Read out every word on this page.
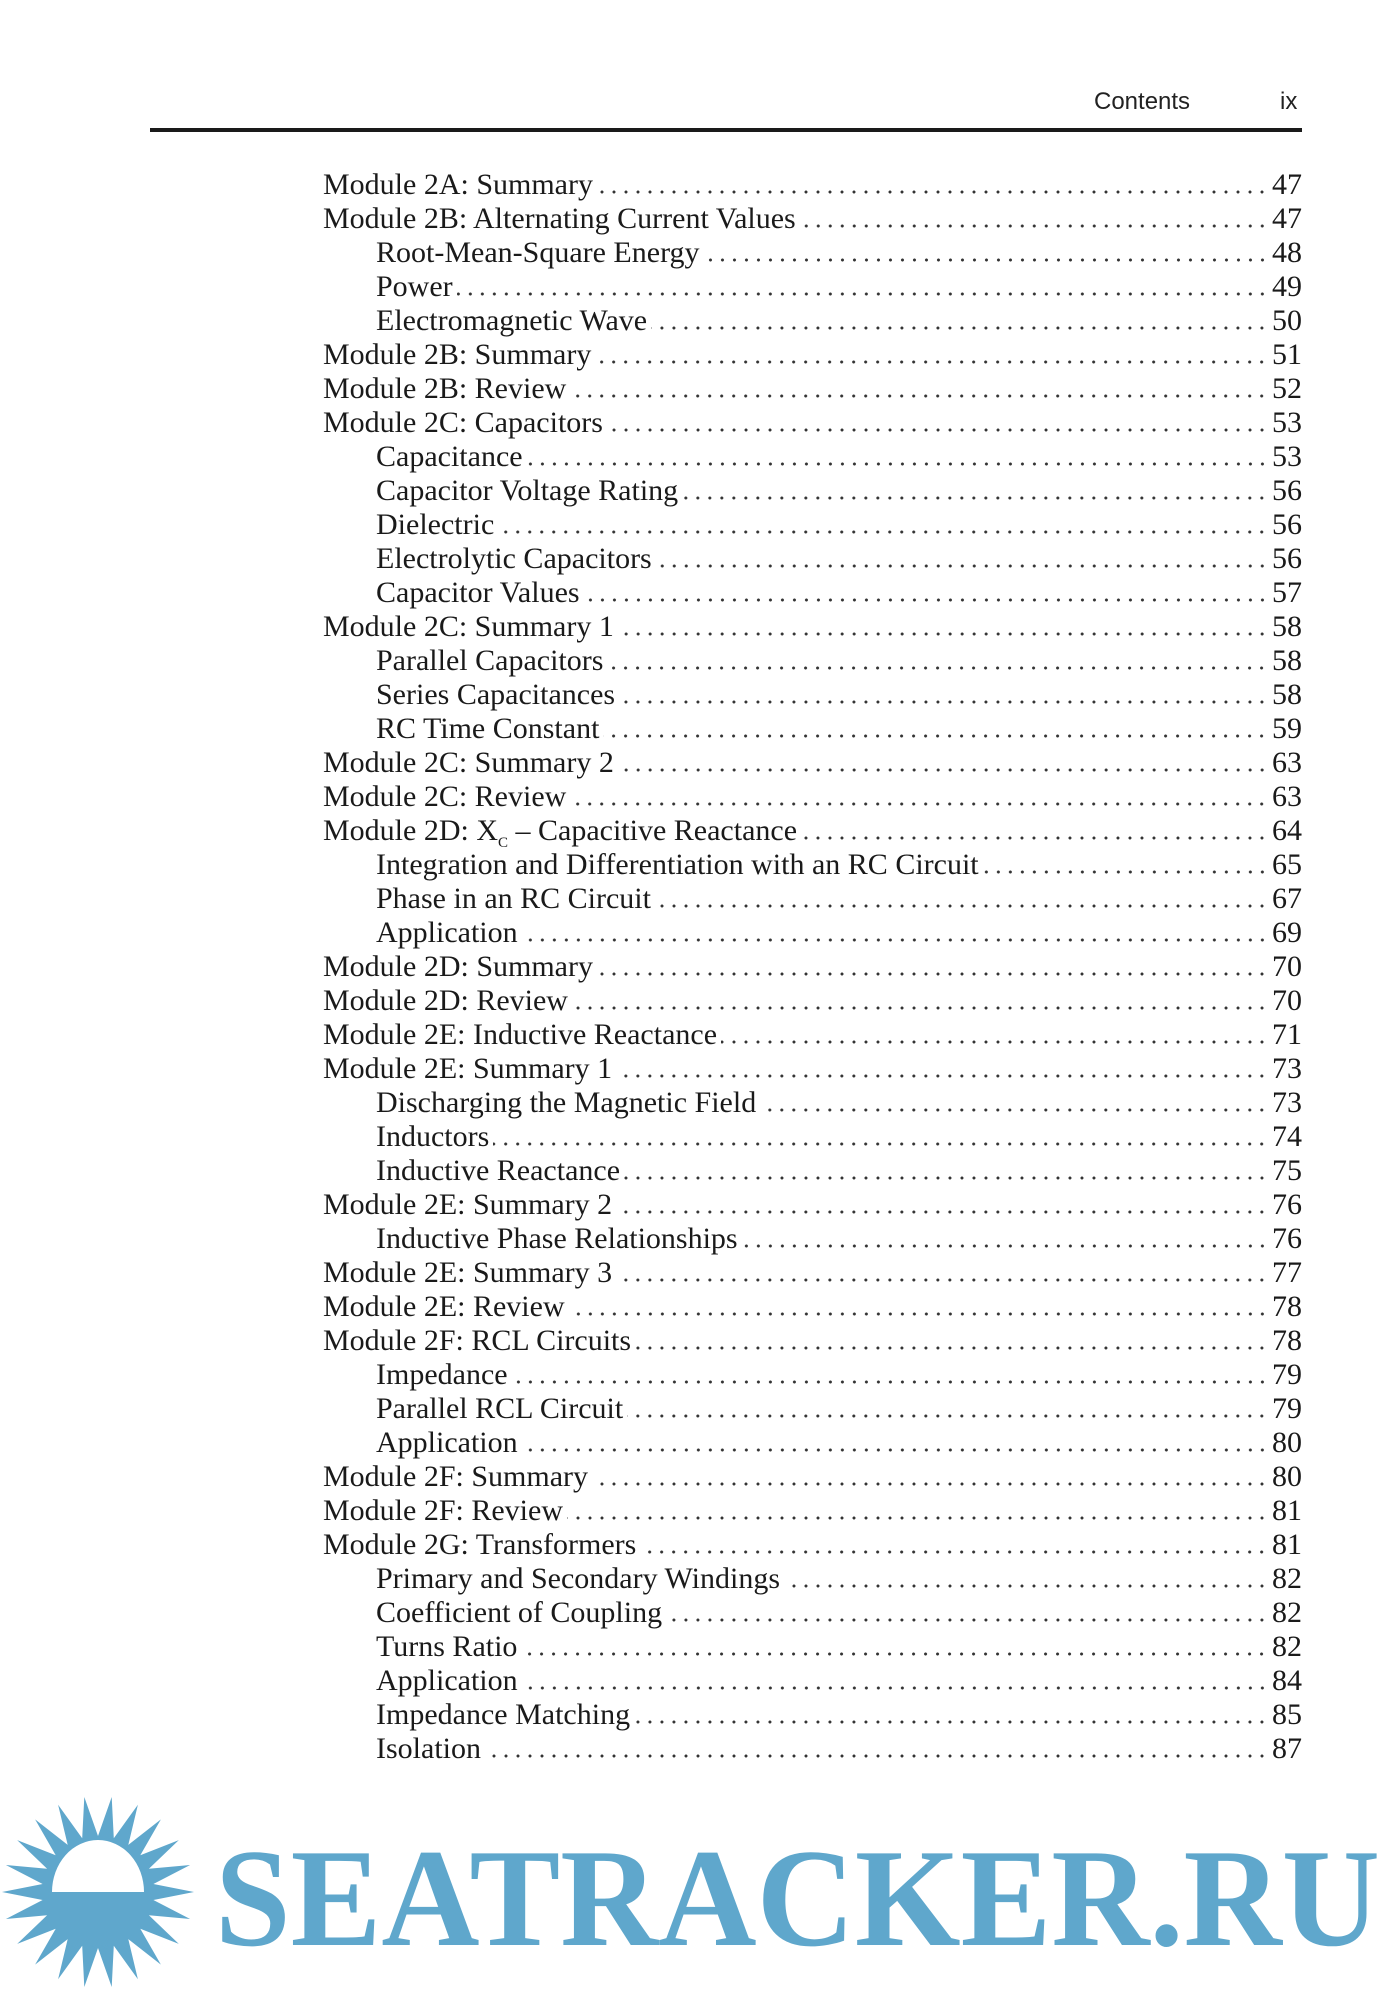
Contents	ix
Module 2A: Summary	47
Module 2B: Alternating Current Values	47
Root-Mean-Square Energy	48
Power	49
Electromagnetic Wave	50
Module 2B: Summary	51
Module 2B: Review	52
Module 2C: Capacitors	53
Capacitance	53
Capacitor Voltage Rating	56
Dielectric	56
Electrolytic Capacitors	56
Capacitor Values	57
Module 2C: Summary 1	58
Parallel Capacitors	58
Series Capacitances	58
RC Time Constant	59
Module 2C: Summary 2	63
Module 2C: Review	63
Module 2D: $X_C$ – Capacitive Reactance	64
Integration and Differentiation with an RC Circuit	65
Phase in an RC Circuit	67
Application	69
Module 2D: Summary	70
Module 2D: Review	70
Module 2E: Inductive Reactance	71
Module 2E: Summary 1	73
Discharging the Magnetic Field	73
Inductors	74
Inductive Reactance	75
Module 2E: Summary 2	76
Inductive Phase Relationships	76
Module 2E: Summary 3	77
Module 2E: Review	78
Module 2F: RCL Circuits	78
Impedance	79
Parallel RCL Circuit	79
Application	80
Module 2F: Summary	80
Module 2F: Review	81
Module 2G: Transformers	81
Primary and Secondary Windings	82
Coefficient of Coupling	82
Turns Ratio	82
Application	84
Impedance Matching	85
Isolation	87
SEATRACKER.RU
